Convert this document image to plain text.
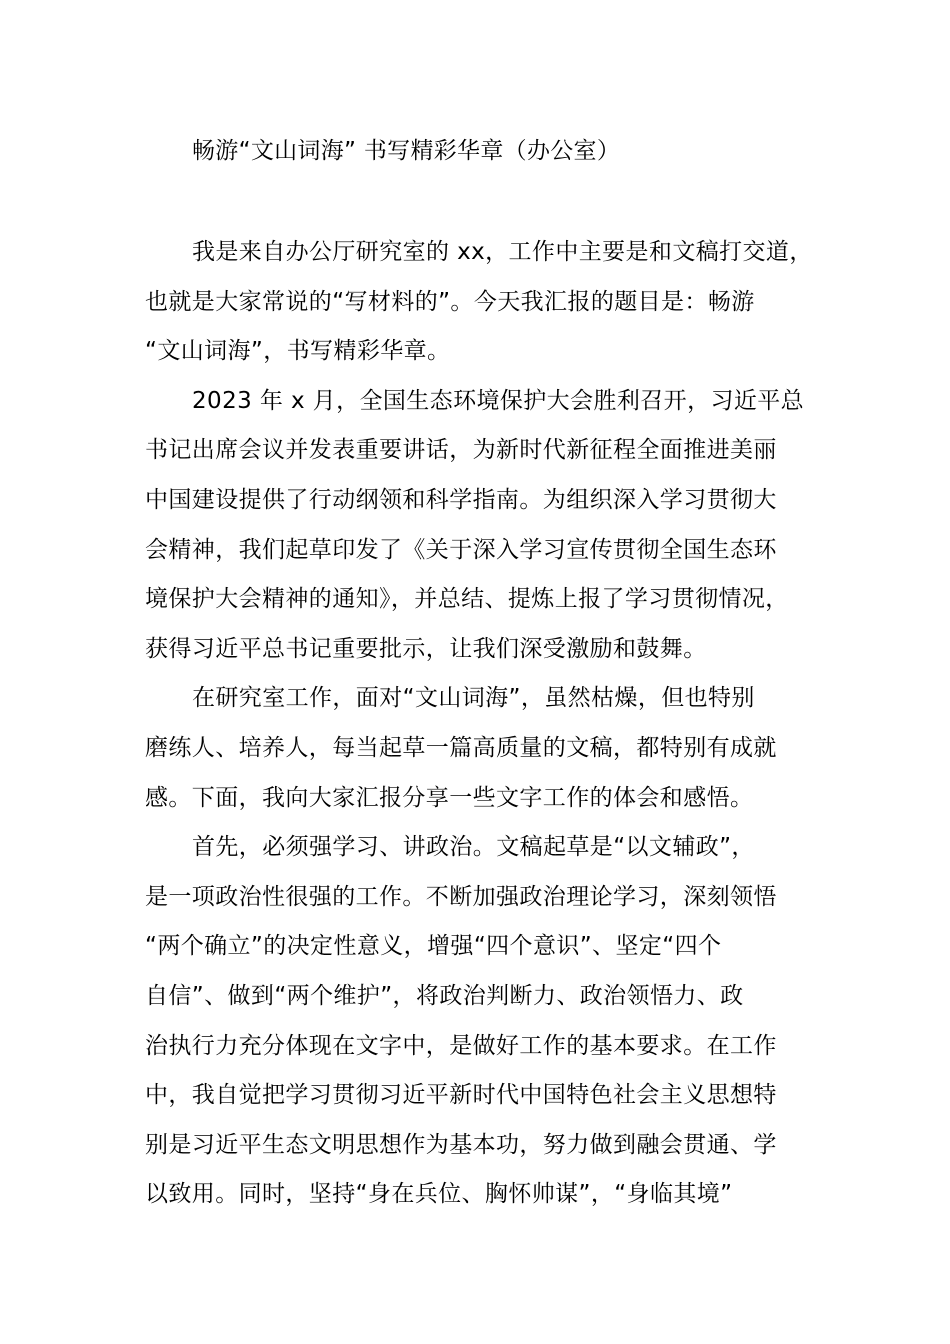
畅游“文山词海” 书写精彩华章（办公室）
我是来自办公厅研究室的 xx，工作中主要是和文稿打交道，
也就是大家常说的“写材料的”。今天我汇报的题目是：畅游
“文山词海”，书写精彩华章。
2023 年 x 月，全国生态环境保护大会胜利召开，习近平总
书记出席会议并发表重要讲话，为新时代新征程全面推进美丽
中国建设提供了行动纲领和科学指南。为组织深入学习贯彻大
会精神，我们起草印发了《关于深入学习宣传贯彻全国生态环
境保护大会精神的通知》，并总结、提炼上报了学习贯彻情况，
获得习近平总书记重要批示，让我们深受激励和鼓舞。
在研究室工作，面对“文山词海”，虽然枯燥，但也特别
磨练人、培养人，每当起草一篇高质量的文稿，都特别有成就
感。下面，我向大家汇报分享一些文字工作的体会和感悟。
首先，必须强学习、讲政治。文稿起草是“以文辅政”，
是一项政治性很强的工作。不断加强政治理论学习，深刻领悟
“两个确立”的决定性意义，增强“四个意识”、坚定“四个
自信”、做到“两个维护”，将政治判断力、政治领悟力、政
治执行力充分体现在文字中，是做好工作的基本要求。在工作
中，我自觉把学习贯彻习近平新时代中国特色社会主义思想特
别是习近平生态文明思想作为基本功，努力做到融会贯通、学
以致用。同时，坚持“身在兵位、胸怀帅谋”，“身临其境”
